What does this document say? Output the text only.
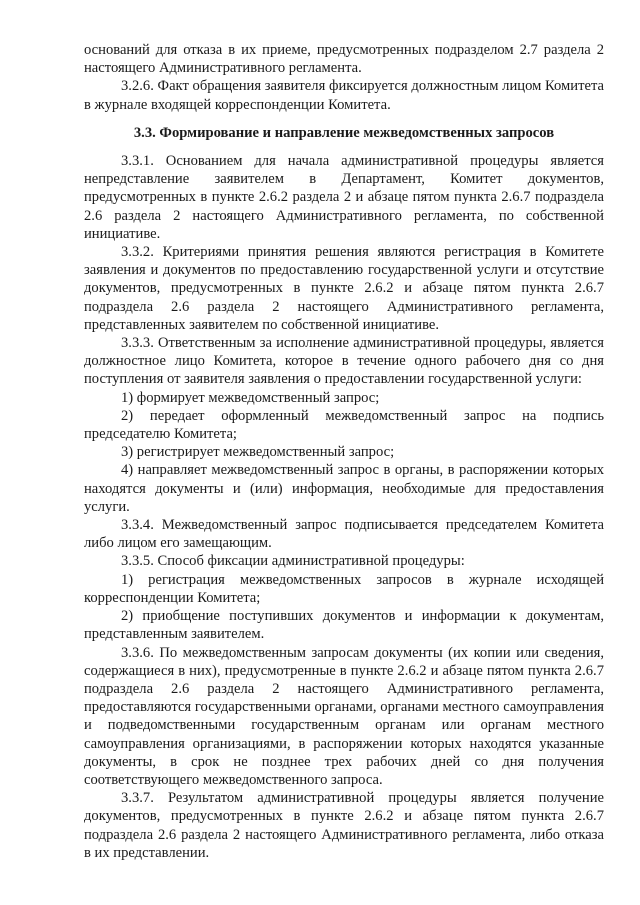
оснований для отказа в их приеме, предусмотренных подразделом 2.7 раздела 2 настоящего Административного регламента.

3.2.6. Факт обращения заявителя фиксируется должностным лицом Комитета в журнале входящей корреспонденции Комитета.

3.3. Формирование и направление межведомственных запросов

3.3.1. Основанием для начала административной процедуры является непредставление заявителем в Департамент, Комитет документов, предусмотренных в пункте 2.6.2 раздела 2 и абзаце пятом пункта 2.6.7 подраздела 2.6 раздела 2 настоящего Административного регламента, по собственной инициативе.

3.3.2. Критериями принятия решения являются регистрация в Комитете заявления и документов по предоставлению государственной услуги и отсутствие документов, предусмотренных в пункте 2.6.2 и абзаце пятом пункта 2.6.7 подраздела 2.6 раздела 2 настоящего Административного регламента, представленных заявителем по собственной инициативе.

3.3.3. Ответственным за исполнение административной процедуры, является должностное лицо Комитета, которое в течение одного рабочего дня со дня поступления от заявителя заявления о предоставлении государственной услуги:

1) формирует межведомственный запрос;

2) передает оформленный межведомственный запрос на подпись председателю Комитета;

3) регистрирует межведомственный запрос;

4) направляет межведомственный запрос в органы, в распоряжении которых находятся документы и (или) информация, необходимые для предоставления услуги.

3.3.4. Межведомственный запрос подписывается председателем Комитета либо лицом его замещающим.

3.3.5. Способ фиксации административной процедуры:

1) регистрация межведомственных запросов в журнале исходящей корреспонденции Комитета;

2) приобщение поступивших документов и информации к документам, представленным заявителем.

3.3.6. По межведомственным запросам документы (их копии или сведения, содержащиеся в них), предусмотренные в пункте 2.6.2 и абзаце пятом пункта 2.6.7 подраздела 2.6 раздела 2 настоящего Административного регламента, предоставляются государственными органами, органами местного самоуправления и подведомственными государственным органам или органам местного самоуправления организациями, в распоряжении которых находятся указанные документы, в срок не позднее трех рабочих дней со дня получения соответствующего межведомственного запроса.

3.3.7. Результатом административной процедуры является получение документов, предусмотренных в пункте 2.6.2 и абзаце пятом пункта 2.6.7 подраздела 2.6 раздела 2 настоящего Административного регламента, либо отказа в их представлении.
